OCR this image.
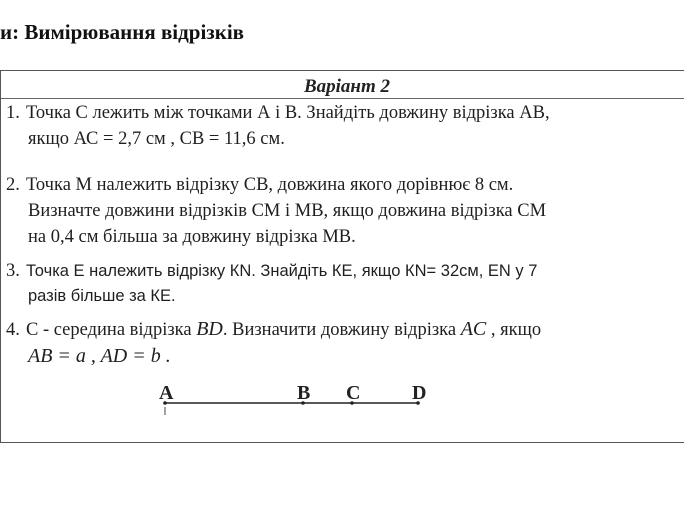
и: Вимірювання відрізків
Варіант 2
1. Точка С лежить між точками А і В. Знайдіть довжину відрізка АВ,
якщо АС = 2,7 см , СВ = 11,6 см.
2. Точка М належить відрізку СВ, довжина якого дорівнює 8 см.
Визначте довжини відрізків СМ і МВ, якщо довжина відрізка СМ
на 0,4 см більша за довжину відрізка МВ.
3. Точка Е належить відрізку КN. Знайдіть КЕ, якщо КN= 32см, ЕN у 7
разів більше за КЕ.
4. С - середина відрізка BD. Визначити довжину відрізка AC , якщо
AB = a , AD = b .
A	B C	D
